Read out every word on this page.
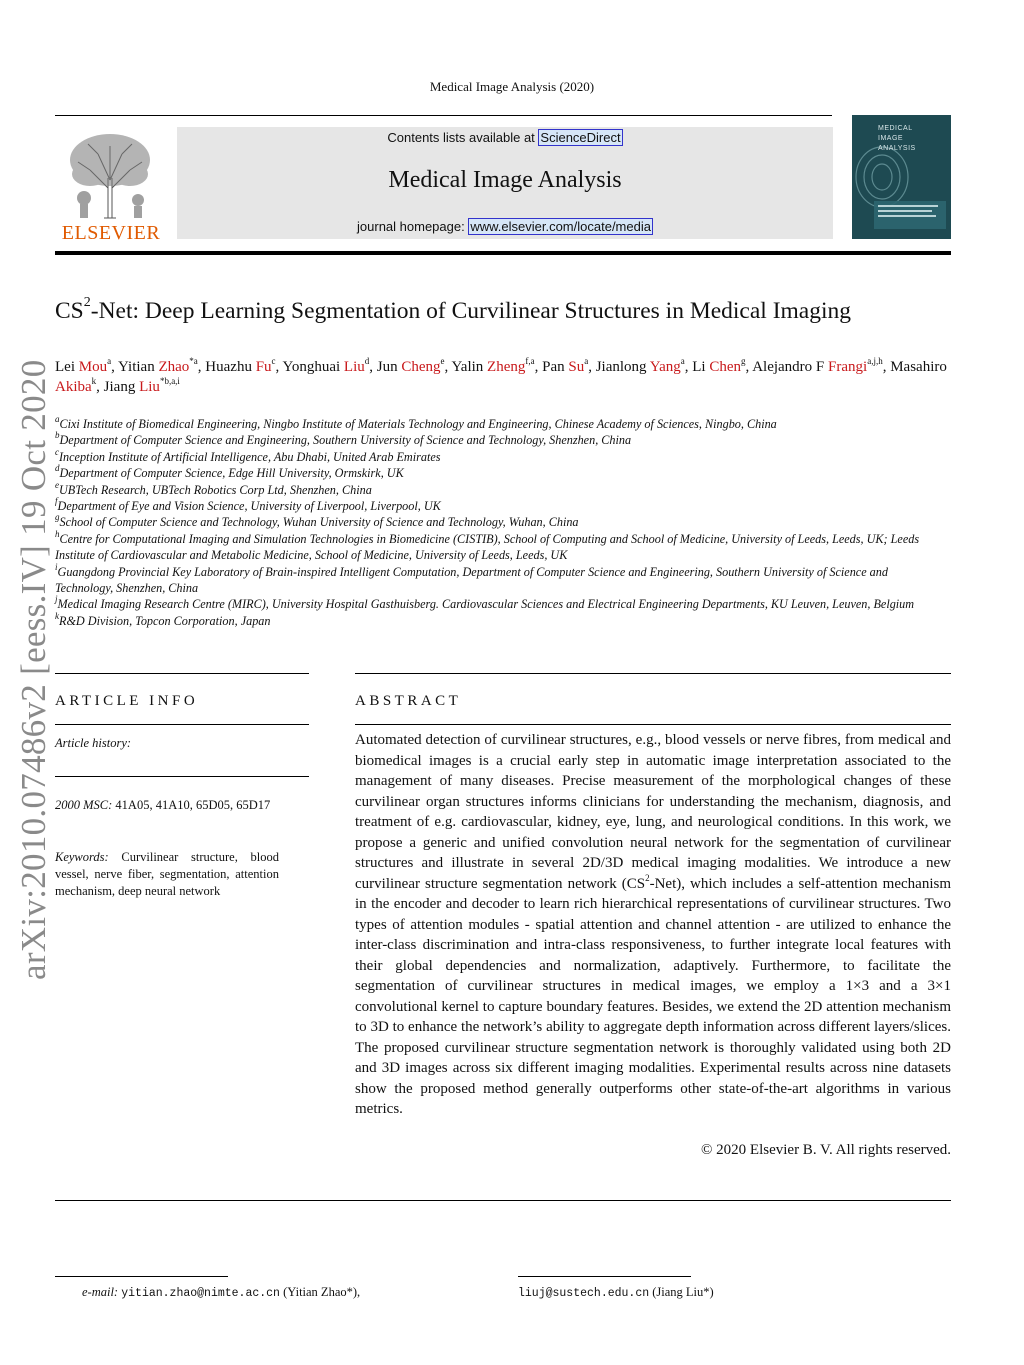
Medical Image Analysis (2020)
ELSEVIER
Contents lists available at ScienceDirect
Medical Image Analysis
journal homepage: www.elsevier.com/locate/media
MEDICAL
IMAGE
ANALYSIS
arXiv:2010.07486v2 [eess.IV] 19 Oct 2020
$CS^2$-Net: Deep Learning Segmentation of Curvilinear Structures in Medical Imaging
Lei Mou$^a$, Yitian Zhao$^{*a}$, Huazhu Fu$^c$, Yonghuai Liu$^d$, Jun Cheng$^e$, Yalin Zheng$^{f,a}$, Pan Su$^a$, Jianlong Yang$^a$, Li Chen$^g$, Alejandro F Frangi$^{a,j,h}$, Masahiro Akiba$^k$, Jiang Liu$^{*b,a,i}$
$^a$Cixi Institute of Biomedical Engineering, Ningbo Institute of Materials Technology and Engineering, Chinese Academy of Sciences, Ningbo, China
$^b$Department of Computer Science and Engineering, Southern University of Science and Technology, Shenzhen, China
$^c$Inception Institute of Artificial Intelligence, Abu Dhabi, United Arab Emirates
$^d$Department of Computer Science, Edge Hill University, Ormskirk, UK
$^e$UBTech Research, UBTech Robotics Corp Ltd, Shenzhen, China
$^f$Department of Eye and Vision Science, University of Liverpool, Liverpool, UK
$^g$School of Computer Science and Technology, Wuhan University of Science and Technology, Wuhan, China
$^h$Centre for Computational Imaging and Simulation Technologies in Biomedicine (CISTIB), School of Computing and School of Medicine, University of Leeds, Leeds, UK; Leeds Institute of Cardiovascular and Metabolic Medicine, School of Medicine, University of Leeds, Leeds, UK
$^i$Guangdong Provincial Key Laboratory of Brain-inspired Intelligent Computation, Department of Computer Science and Engineering, Southern University of Science and Technology, Shenzhen, China
$^j$Medical Imaging Research Centre (MIRC), University Hospital Gasthuisberg. Cardiovascular Sciences and Electrical Engineering Departments, KU Leuven, Leuven, Belgium
$^k$R&D Division, Topcon Corporation, Japan
ARTICLE INFO	ABSTRACT
Article history:
2000 MSC: 41A05, 41A10, 65D05, 65D17
Keywords: Curvilinear structure, blood vessel, nerve fiber, segmentation, attention mechanism, deep neural network
Automated detection of curvilinear structures, e.g., blood vessels or nerve fibres, from medical and biomedical images is a crucial early step in automatic image interpretation associated to the management of many diseases. Precise measurement of the morphological changes of these curvilinear organ structures informs clinicians for understanding the mechanism, diagnosis, and treatment of e.g. cardiovascular, kidney, eye, lung, and neurological conditions. In this work, we propose a generic and unified convolution neural network for the segmentation of curvilinear structures and illustrate in several 2D/3D medical imaging modalities. We introduce a new curvilinear structure segmentation network $(CS^2-Net)$, which includes a self-attention mechanism in the encoder and decoder to learn rich hierarchical representations of curvilinear structures. Two types of attention modules - spatial attention and channel attention - are utilized to enhance the inter-class discrimination and intra-class responsiveness, to further integrate local features with their global dependencies and normalization, adaptively. Furthermore, to facilitate the segmentation of curvilinear structures in medical images, we employ a 1×3 and a 3×1 convolutional kernel to capture boundary features. Besides, we extend the 2D attention mechanism to 3D to enhance the network’s ability to aggregate depth information across different layers/slices. The proposed curvilinear structure segmentation network is thoroughly validated using both 2D and 3D images across six different imaging modalities. Experimental results across nine datasets show the proposed method generally outperforms other state-of-the-art algorithms in various metrics.
© 2020 Elsevier B. V. All rights reserved.
e-mail: yitian.zhao@nimte.ac.cn (Yitian Zhao*),	liuj@sustech.edu.cn (Jiang Liu*)
